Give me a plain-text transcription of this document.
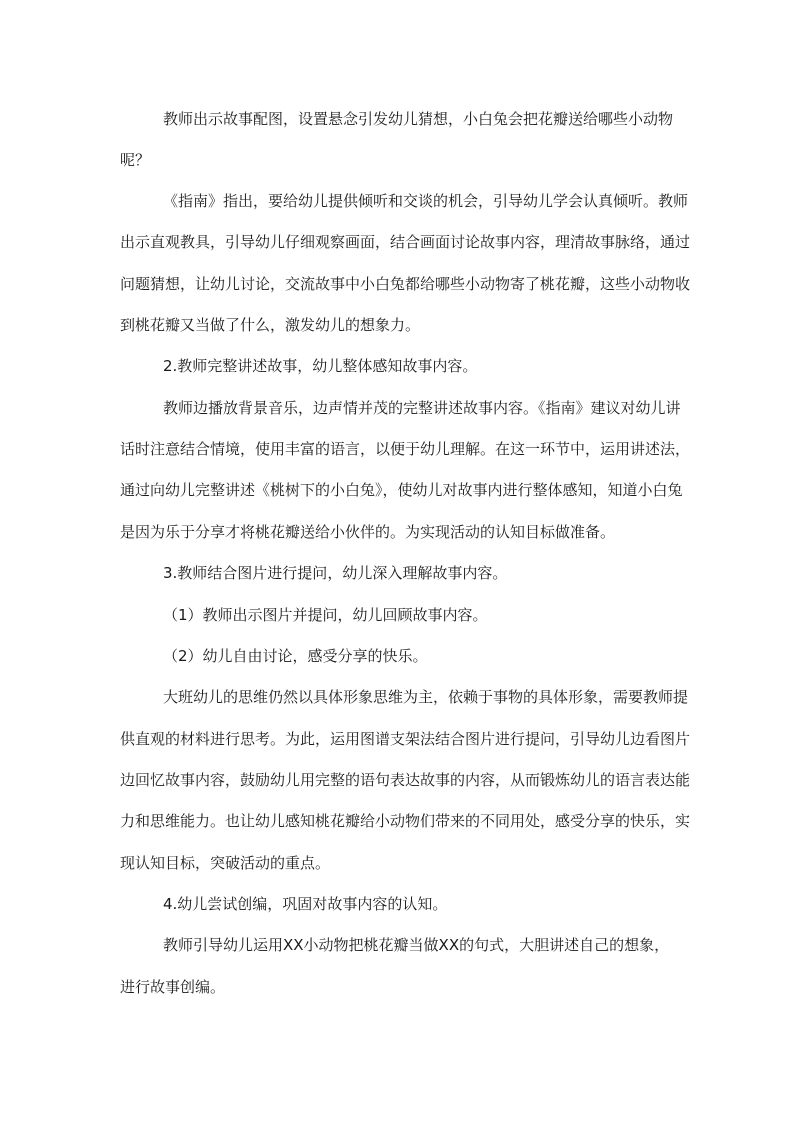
教师出示故事配图，设置悬念引发幼儿猜想，小白兔会把花瓣送给哪些小动物
呢？
《指南》指出，要给幼儿提供倾听和交谈的机会，引导幼儿学会认真倾听。教师
出示直观教具，引导幼儿仔细观察画面，结合画面讨论故事内容，理清故事脉络，通过
问题猜想，让幼儿讨论，交流故事中小白兔都给哪些小动物寄了桃花瓣，这些小动物收
到桃花瓣又当做了什么，激发幼儿的想象力。
2.教师完整讲述故事，幼儿整体感知故事内容。
教师边播放背景音乐，边声情并茂的完整讲述故事内容。《指南》建议对幼儿讲
话时注意结合情境，使用丰富的语言，以便于幼儿理解。在这一环节中，运用讲述法，
通过向幼儿完整讲述《桃树下的小白兔》，使幼儿对故事内进行整体感知，知道小白兔
是因为乐于分享才将桃花瓣送给小伙伴的。为实现活动的认知目标做准备。
3.教师结合图片进行提问，幼儿深入理解故事内容。
（1）教师出示图片并提问，幼儿回顾故事内容。
（2）幼儿自由讨论，感受分享的快乐。
大班幼儿的思维仍然以具体形象思维为主，依赖于事物的具体形象，需要教师提
供直观的材料进行思考。为此，运用图谱支架法结合图片进行提问，引导幼儿边看图片
边回忆故事内容，鼓励幼儿用完整的语句表达故事的内容，从而锻炼幼儿的语言表达能
力和思维能力。也让幼儿感知桃花瓣给小动物们带来的不同用处，感受分享的快乐，实
现认知目标，突破活动的重点。
4.幼儿尝试创编，巩固对故事内容的认知。
教师引导幼儿运用XX小动物把桃花瓣当做XX的句式，大胆讲述自己的想象，
进行故事创编。
